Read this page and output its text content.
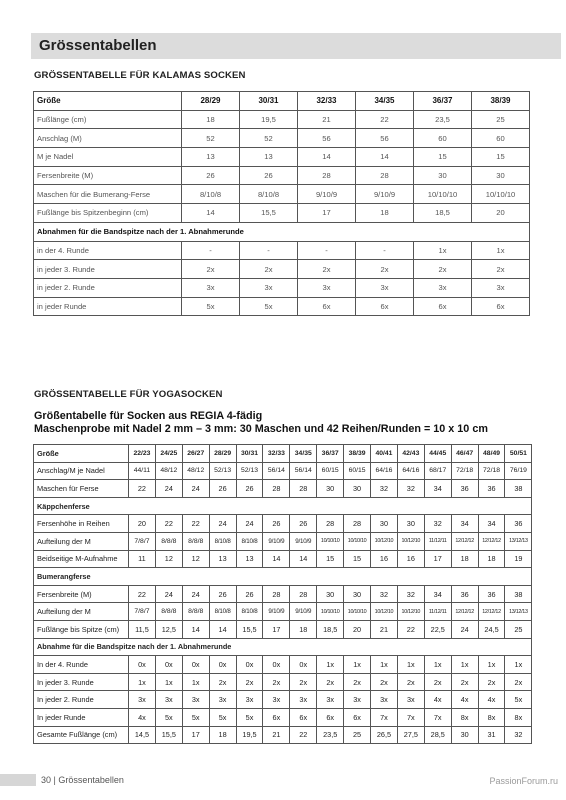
Grössentabellen
GRÖSSENTABELLE FÜR KALAMAS SOCKEN
Größe	28/29	30/31	32/33	34/35	36/37	38/39
Fußlänge (cm)	18	19,5	21	22	23,5	25
Anschlag (M)	52	52	56	56	60	60
M je Nadel	13	13	14	14	15	15
Fersenbreite (M)	26	26	28	28	30	30
Maschen für die Bumerang-Ferse	8/10/8	8/10/8	9/10/9	9/10/9	10/10/10	10/10/10
Fußlänge bis Spitzenbeginn (cm)	14	15,5	17	18	18,5	20
Abnahmen für die Bandspitze nach der 1. Abnahmerunde						
in der 4. Runde	-	-	-	-	1x	1x
in jeder 3. Runde	2x	2x	2x	2x	2x	2x
in jeder 2. Runde	3x	3x	3x	3x	3x	3x
in jeder Runde	5x	5x	6x	6x	6x	6x
GRÖSSENTABELLE FÜR YOGASOCKEN
Größentabelle für Socken aus REGIA 4-fädig
Maschenprobe mit Nadel 2 mm – 3 mm: 30 Maschen und 42 Reihen/Runden = 10 x 10 cm
Größe	22/23	24/25	26/27	28/29	30/31	32/33	34/35	36/37	38/39	40/41	42/43	44/45	46/47	48/49	50/51
Anschlag/M je Nadel	44/11	48/12	48/12	52/13	52/13	56/14	56/14	60/15	60/15	64/16	64/16	68/17	72/18	72/18	76/19
Maschen für Ferse	22	24	24	26	26	28	28	30	30	32	32	34	36	36	38
Käppchenferse															
Fersenhöhe in Reihen	20	22	22	24	24	26	26	28	28	30	30	32	34	34	36
Aufteilung der M	7/8/7	8/8/8	8/8/8	8/10/8	8/10/8	9/10/9	9/10/9	10/10/10	10/10/10	10/12/10	10/12/10	11/12/11	12/12/12	12/12/12	13/12/13
Beidseitige M-Aufnahme	11	12	12	13	13	14	14	15	15	16	16	17	18	18	19
Bumerangferse															
Fersenbreite (M)	22	24	24	26	26	28	28	30	30	32	32	34	36	36	38
Aufteilung der M	7/8/7	8/8/8	8/8/8	8/10/8	8/10/8	9/10/9	9/10/9	10/10/10	10/10/10	10/12/10	10/12/10	11/12/11	12/12/12	12/12/12	13/12/13
Fußlänge bis Spitze (cm)	11,5	12,5	14	14	15,5	17	18	18,5	20	21	22	22,5	24	24,5	25
Abnahme für die Bandspitze nach der 1. Abnahmerunde															
In der 4. Runde	0x	0x	0x	0x	0x	0x	0x	1x	1x	1x	1x	1x	1x	1x	1x
In jeder 3. Runde	1x	1x	1x	2x	2x	2x	2x	2x	2x	2x	2x	2x	2x	2x	2x
In jeder 2. Runde	3x	3x	3x	3x	3x	3x	3x	3x	3x	3x	3x	4x	4x	4x	5x
In jeder Runde	4x	5x	5x	5x	5x	6x	6x	6x	6x	7x	7x	7x	8x	8x	8x
Gesamte Fußlänge (cm)	14,5	15,5	17	18	19,5	21	22	23,5	25	26,5	27,5	28,5	30	31	32
30 | Grössentabellen	PassionForum.ru
